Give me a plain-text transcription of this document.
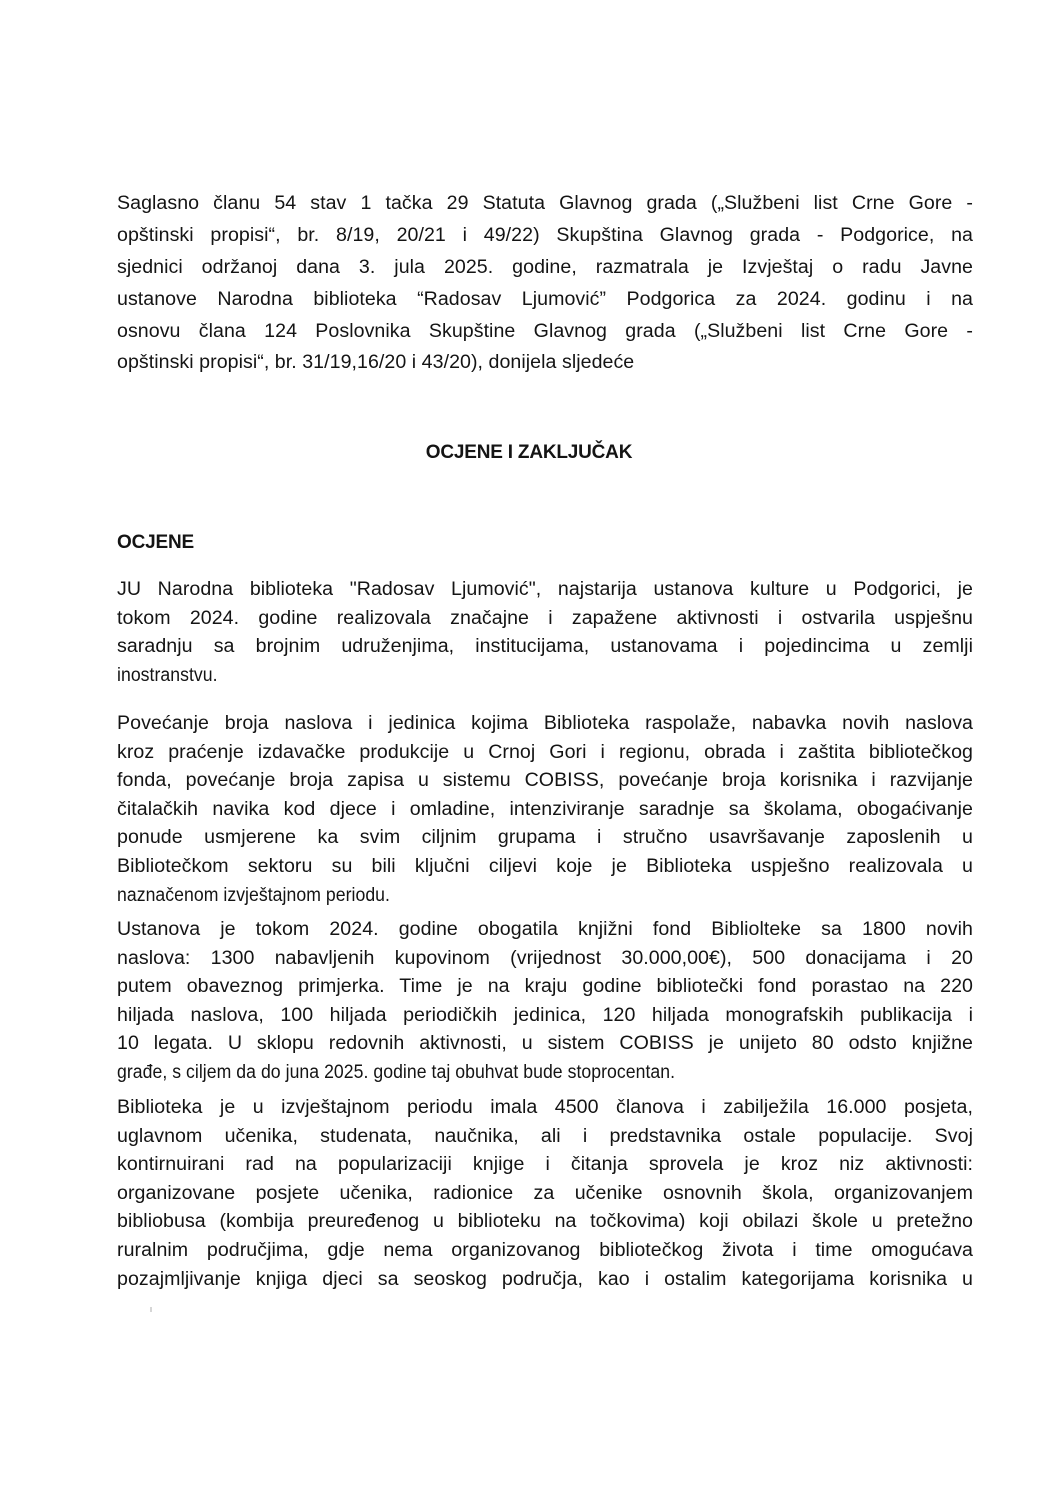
Saglasno članu 54 stav 1 tačka 29 Statuta Glavnog grada („Službeni list Crne Gore -
opštinski propisi“, br. 8/19, 20/21 i 49/22) Skupština Glavnog grada - Podgorice, na
sjednici održanoj dana 3. jula 2025. godine, razmatrala je Izvještaj o radu Javne
ustanove Narodna biblioteka “Radosav Ljumović” Podgorica za 2024. godinu i na
osnovu člana 124 Poslovnika Skupštine Glavnog grada („Službeni list Crne Gore -
opštinski propisi“, br. 31/19,16/20 i 43/20), donijela sljedeće
OCJENE I ZAKLJUČAK
OCJENE
JU Narodna biblioteka "Radosav Ljumović", najstarija ustanova kulture u Podgorici, je
tokom 2024. godine realizovala značajne i zapažene aktivnosti i ostvarila uspješnu
saradnju sa brojnim udruženjima, institucijama, ustanovama i pojedincima u zemlji
inostranstvu.
Povećanje broja naslova i jedinica kojima Biblioteka raspolaže, nabavka novih naslova
kroz praćenje izdavačke produkcije u Crnoj Gori i regionu, obrada i zaštita bibliotečkog
fonda, povećanje broja zapisa u sistemu COBISS, povećanje broja korisnika i razvijanje
čitalačkih navika kod djece i omladine, intenziviranje saradnje sa školama, obogaćivanje
ponude usmjerene ka svim ciljnim grupama i stručno usavršavanje zaposlenih u
Bibliotečkom sektoru su bili ključni ciljevi koje je Biblioteka uspješno realizovala u
naznačenom izvještajnom periodu.
Ustanova je tokom 2024. godine obogatila knjižni fond Bibliolteke sa 1800 novih
naslova: 1300 nabavljenih kupovinom (vrijednost 30.000,00€), 500 donacijama i 20
putem obaveznog primjerka. Time je na kraju godine bibliotečki fond porastao na 220
hiljada naslova, 100 hiljada periodičkih jedinica, 120 hiljada monografskih publikacija i
10 legata. U sklopu redovnih aktivnosti, u sistem COBISS je unijeto 80 odsto knjižne
građe, s ciljem da do juna 2025. godine taj obuhvat bude stoprocentan.
Biblioteka je u izvještajnom periodu imala 4500 članova i zabilježila 16.000 posjeta,
uglavnom učenika, studenata, naučnika, ali i predstavnika ostale populacije. Svoj
kontirnuirani rad na popularizaciji knjige i čitanja sprovela je kroz niz aktivnosti:
organizovane posjete učenika, radionice za učenike osnovnih škola, organizovanjem
bibliobusa (kombija preuređenog u biblioteku na točkovima) koji obilazi škole u pretežno
ruralnim područjima, gdje nema organizovanog bibliotečkog života i time omogućava
pozajmljivanje knjiga djeci sa seoskog područja, kao i ostalim kategorijama korisnika u
